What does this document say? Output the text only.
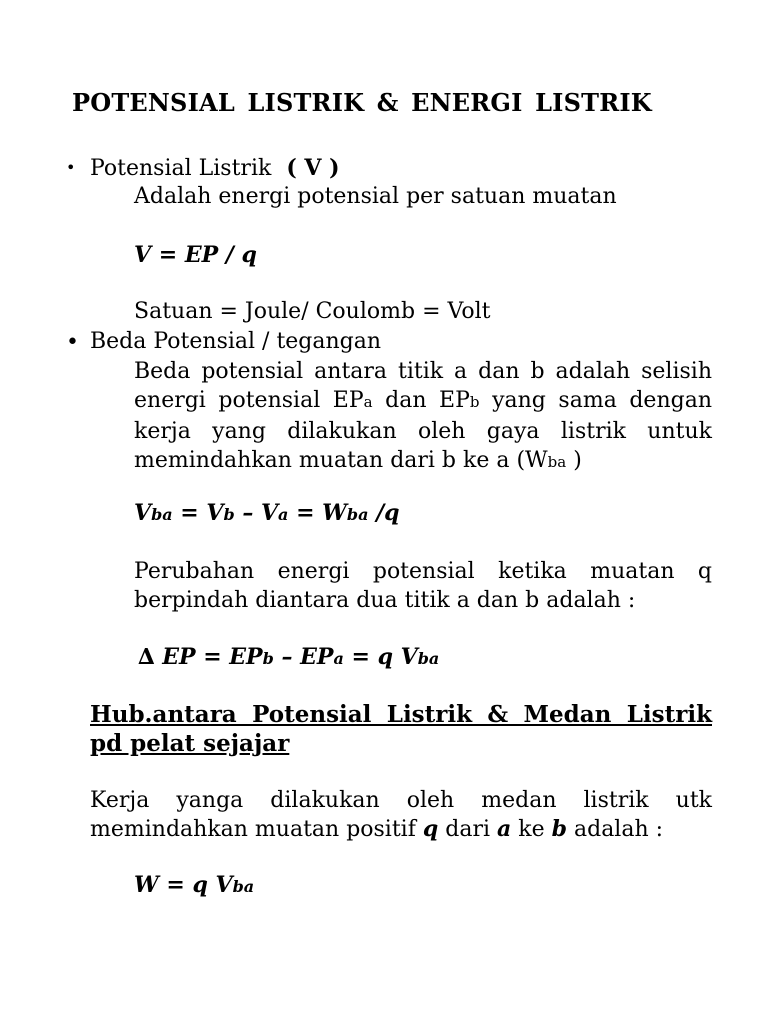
POTENSIAL LISTRIK & ENERGI LISTRIK
• Potensial Listrik ( V )
Adalah energi potensial per satuan muatan
V = EP / q
Satuan = Joule/ Coulomb = Volt
• Beda Potensial / tegangan
Beda potensial antara titik a dan b adalah selisih energi potensial EPa dan EPb yang sama dengan kerja yang dilakukan oleh gaya listrik untuk memindahkan muatan dari b ke a (Wba )
Vba = Vb – Va = Wba /q
Perubahan energi potensial ketika muatan q berpindah diantara dua titik a dan b adalah :
∆ EP = EPb – EPa = q Vba
Hub.antara Potensial Listrik & Medan Listrik
pd pelat sejajar
Kerja yanga dilakukan oleh medan listrik utk memindahkan muatan positif q dari a ke b adalah :
W = q Vba
